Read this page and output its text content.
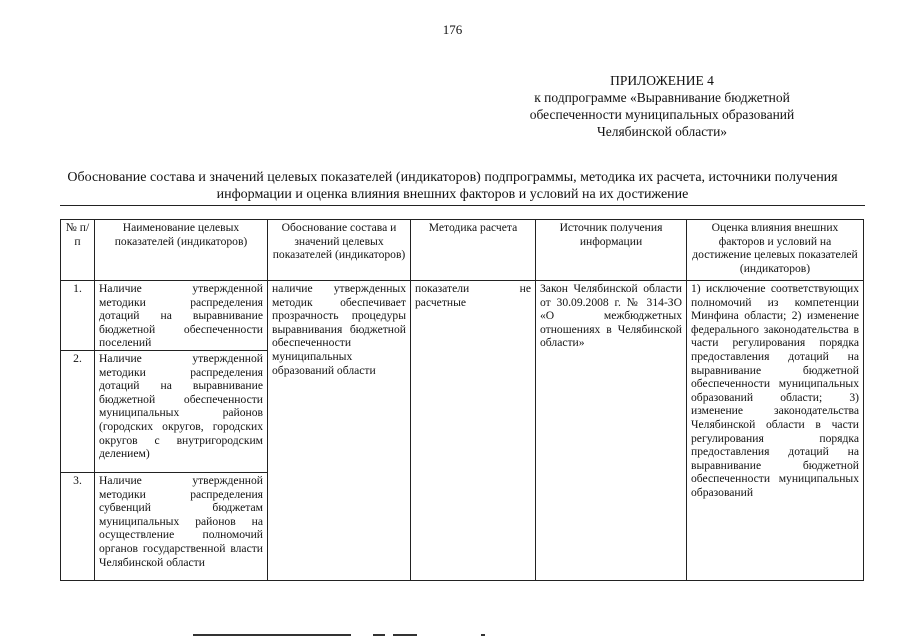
176
ПРИЛОЖЕНИЕ 4
к подпрограмме «Выравнивание бюджетной
обеспеченности муниципальных образований
Челябинской области»
Обоснование состава и значений целевых показателей (индикаторов) подпрограммы, методика их расчета, источники получения информации и оценка влияния внешних факторов и условий на их достижение
№ п/п	Наименование целевых показателей (индикаторов)	Обоснование состава и значений целевых показателей (индикаторов)	Методика расчета	Источник получения информации	Оценка влияния внешних факторов и условий на достижение целевых показателей (индикаторов)
1.	Наличие утвержденной методики распределения дотаций на выравнивание бюджетной обеспеченности поселений	наличие утвержденных методик обеспечивает прозрачность процедуры выравнивания бюджетной обеспеченности муниципальных образований области	показатели не расчетные	Закон Челябинской области от 30.09.2008 г. № 314-ЗО «О межбюджетных отношениях в Челябинской области»	1) исключение соответствующих полномочий из компетенции Минфина области; 2) изменение федерального законодательства в части регулирования порядка предоставления дотаций на выравнивание бюджетной обеспеченности муниципальных образований области; 3) изменение законодательства Челябинской области в части регулирования порядка предоставления дотаций на выравнивание бюджетной обеспеченности муниципальных образований
2.	Наличие утвержденной методики распределения дотаций на выравнивание бюджетной обеспеченности муниципальных районов (городских округов, городских округов с внутригородским делением)				
3.	Наличие утвержденной методики распределения субвенций бюджетам муниципальных районов на осуществление полномочий органов государственной власти Челябинской области				
